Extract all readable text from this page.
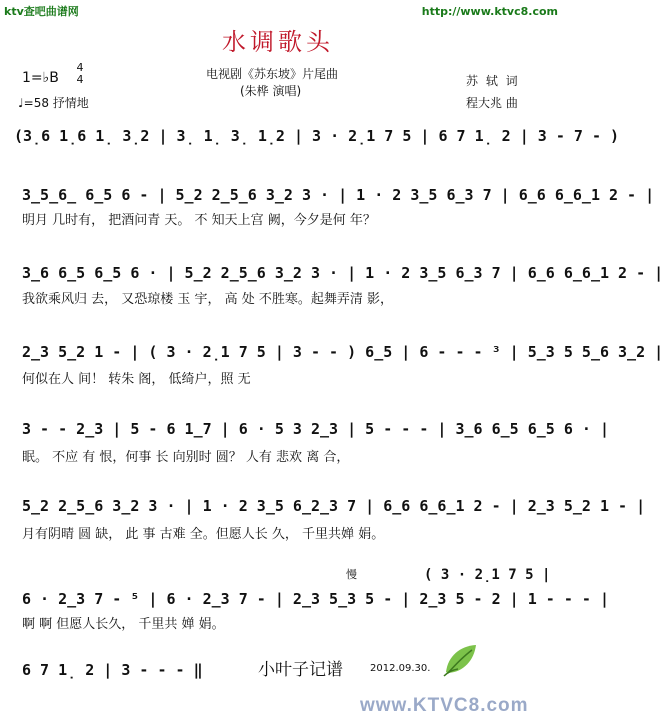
ktv查吧曲谱网	http://www.ktvc8.com
水调歌头
1=♭B
4
4
♩=58 抒情地
电视剧《苏东坡》片尾曲
(朱桦 演唱)
苏 轼 词
程大兆 曲
(3̣6 1̣6 1̣ 3̣2 | 3̣ 1̣ 3̣ 1̣2 | 3 · 2̣1 7 5 | 6 7 1̣ 2 | 3 - 7 - )
3̲5̲6̲ 6̲5 6 - | 5̲2 2̲5̲6 3̲2 3 · | 1 · 2 3̲5 6̲3 7 | 6̲6 6̲6̲1 2 - |
明月 几时有， 把酒问青 天。 不 知天上宫 阙，今夕是何 年？
3̲6 6̲5 6̲5 6 · | 5̲2 2̲5̲6 3̲2 3 · | 1 · 2 3̲5 6̲3 7 | 6̲6 6̲6̲1 2 - |
我欲乘风归 去， 又恐琼楼 玉 宇， 高 处 不胜寒。起舞弄清 影，
2̲3 5̲2 1 - | ( 3 · 2̣1 7 5 | 3 - - ) 6̲5 | 6 - - - ³ | 5̲3 5 5̲6 3̲2 |
何似在人 间！ 转朱 阁， 低绮户，照 无
3 - - 2̲3 | 5 - 6 1̲7 | 6 · 5 3 2̲3 | 5 - - - | 3̲6 6̲5 6̲5 6 · |
眠。 不应 有 恨，何事 长 向别时 圆？ 人有 悲欢 离 合，
5̲2 2̲5̲6 3̲2 3 · | 1 · 2 3̲5 6̲2̲3 7 | 6̲6 6̲6̲1 2 - | 2̲3 5̲2 1 - |
月有阴晴 圆 缺， 此 事 古难 全。但愿人长 久， 千里共婵 娟。
慢	( 3 · 2̣1 7 5 |
6 · 2̲3 7 - ⁵ | 6 · 2̲3 7 - | 2̲3 5̲3 5 - | 2̲3 5 - 2 | 1 - - - |
啊 啊 但愿人长久， 千里共 婵 娟。
6 7 1̣ 2 | 3 - - - ‖	小叶子记谱	2012.09.30.
www.KTVC8.com
